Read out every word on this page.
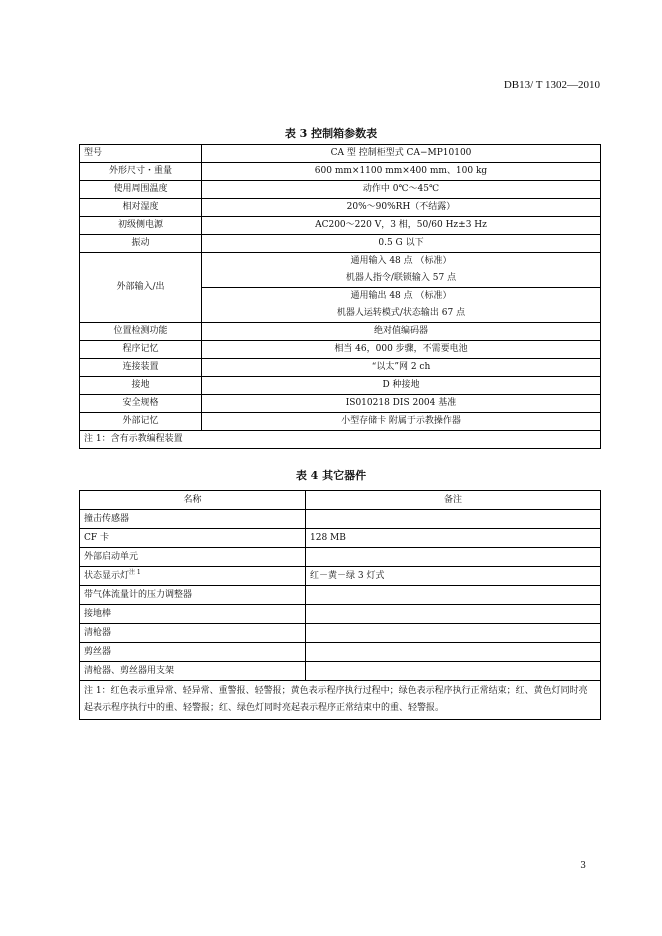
DB13/ T 1302—2010
表 3 控制箱参数表
型号	CA 型 控制柜型式 CA−MP10100
外形尺寸・重量	600 mm×1100 mm×400 mm、100 kg
使用周围温度	动作中 0℃～45℃
相对湿度	20%～90%RH（不结露）
初级侧电源	AC200～220 V，3 相，50/60 Hz±3 Hz
振动	0.5 G 以下
外部输入/出	通用输入 48 点 （标准）
机器人指令/联锁输入 57 点

	通用输出 48 点 （标准）
机器人运转模式/状态输出 67 点

位置检测功能	绝对值编码器
程序记忆	相当 46，000 步骤，不需要电池
连接装置	“以太”网 2 ch
接地	D 种接地
安全规格	IS010218 DIS 2004 基准
外部记忆	小型存储卡 附属于示教操作器
注 1：含有示教编程装置	
表 4 其它器件
名称	备注
撞击传感器	
CF 卡	128 MB
外部启动单元	
状态显示灯$^{注 1}$	红－黄－绿 3 灯式
带气体流量计的压力调整器	
接地棒	
清枪器	
剪丝器	
清枪器、剪丝器用支架	
注 1：红色表示重异常、轻异常、重警报、轻警报；黄色表示程序执行过程中；绿色表示程序执行正常结束；红、黄色灯同时亮起表示程序执行中的重、轻警报；红、绿色灯同时亮起表示程序正常结束中的重、轻警报。	
3
